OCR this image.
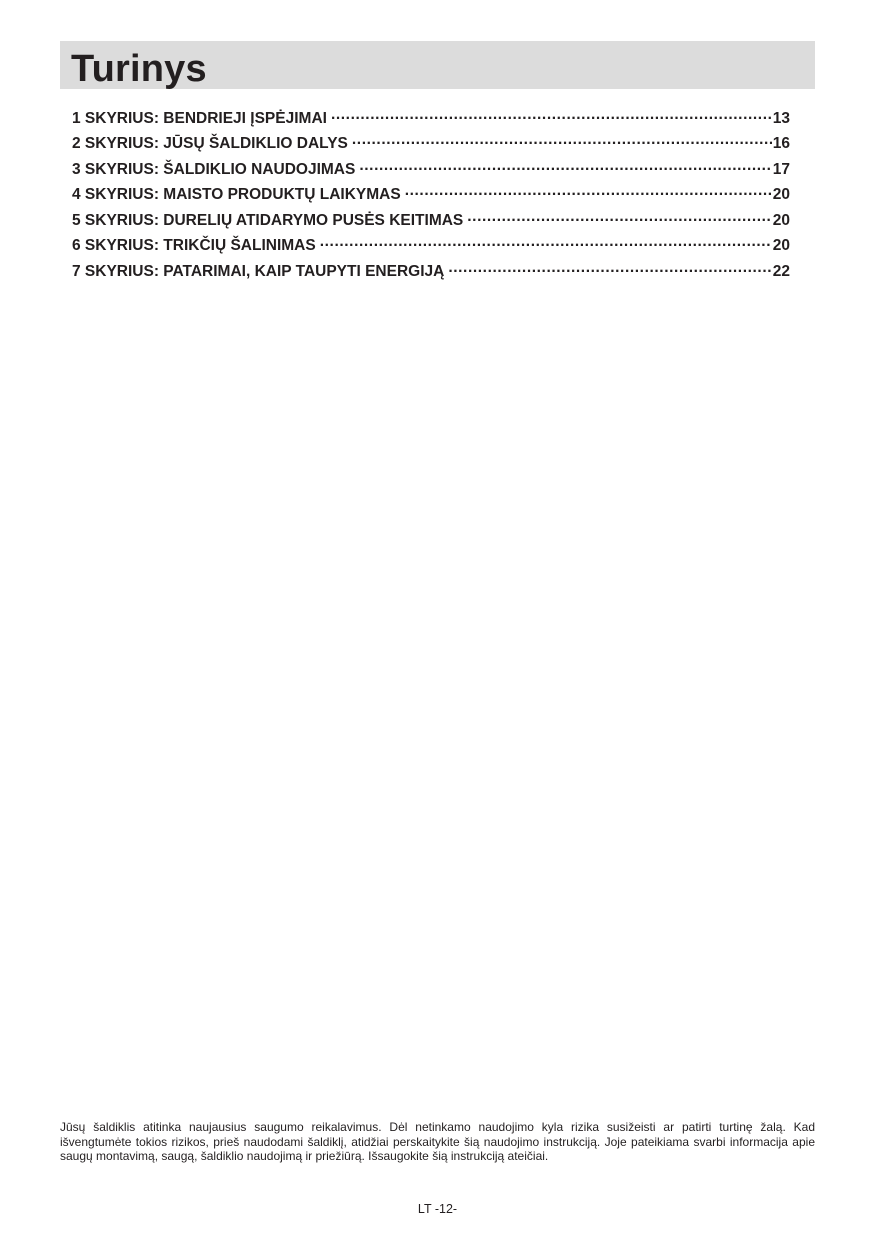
Turinys
1 SKYRIUS: BENDRIEJI ĮSPĖJIMAI .....	13
2 SKYRIUS: JŪSŲ ŠALDIKLIO DALYS .....	16
3 SKYRIUS: ŠALDIKLIO NAUDOJIMAS .....	17
4 SKYRIUS: MAISTO PRODUKTŲ LAIKYMAS .....	20
5 SKYRIUS: DURELIŲ ATIDARYMO PUSĖS KEITIMAS .....	20
6 SKYRIUS: TRIKČIŲ ŠALINIMAS .....	20
7 SKYRIUS: PATARIMAI, KAIP TAUPYTI ENERGIJĄ .....	22

Jūsų šaldiklis atitinka naujausius saugumo reikalavimus. Dėl netinkamo naudojimo kyla rizika susižeisti ar patirti turtinę žalą. Kad išvengtumėte tokios rizikos, prieš naudodami šaldiklį, atidžiai perskaitykite šią naudojimo instrukciją. Joje pateikiama svarbi informacija apie saugų montavimą, saugą, šaldiklio naudojimą ir priežiūrą. Išsaugokite šią instrukciją ateičiai.

LT -12-
